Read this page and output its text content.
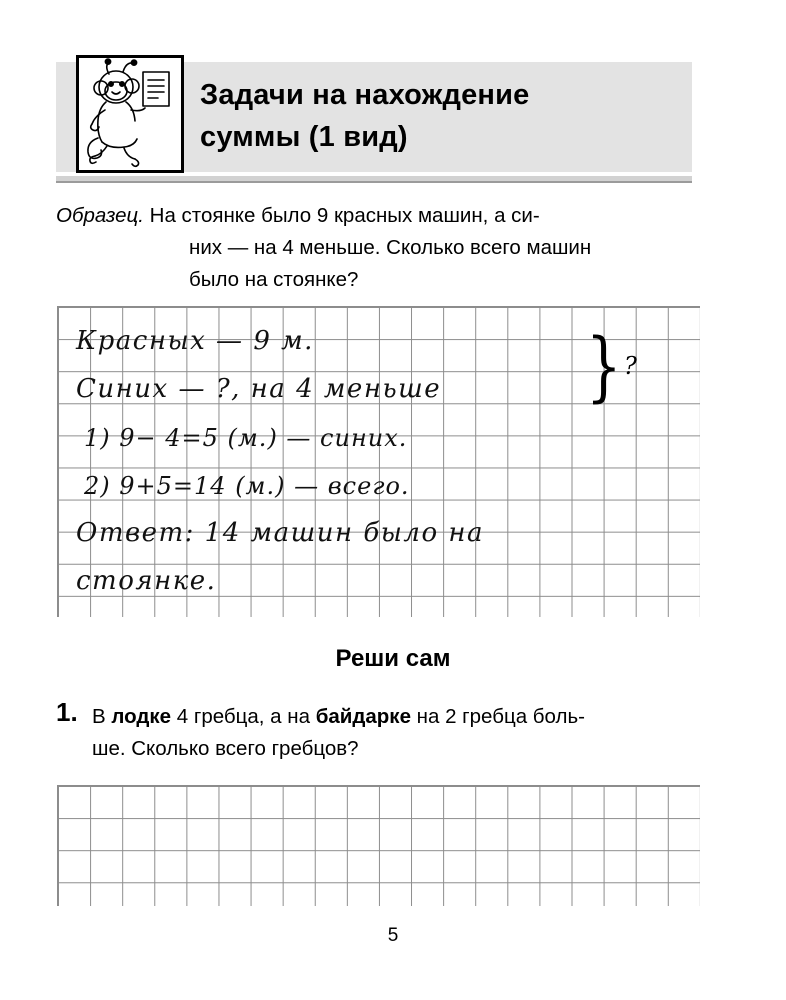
Задачи на нахождение
суммы (1 вид)
Образец. На стоянке было 9 красных машин, а си-
них — на 4 меньше. Сколько всего машин
было на стоянке?
Красных — 9 м.
Синих — ?, на 4 меньше	} ?
1) 9− 4=5 (м.) — синих.
2) 9+5=14 (м.) — всего.
Ответ: 14 машин было на
стоянке.
Реши сам
1. В лодке 4 гребца, а на байдарке на 2 гребца боль-
ше. Сколько всего гребцов?
5
